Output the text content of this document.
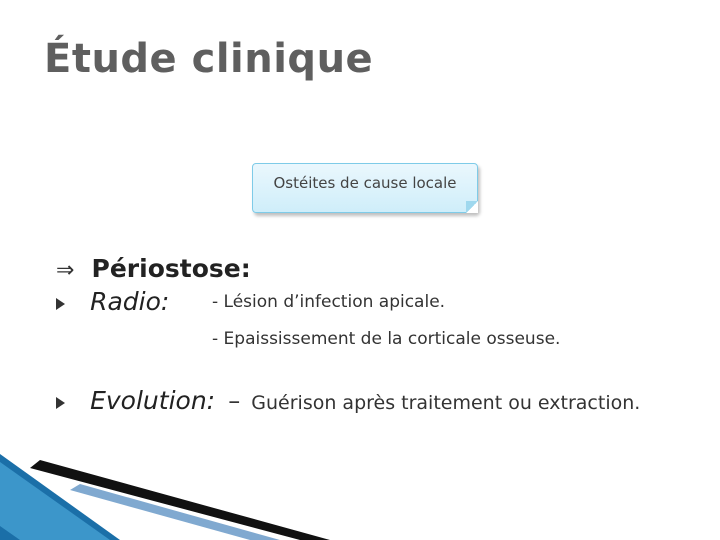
Étude clinique
Ostéites de cause locale
⇒ Périostose:
Radio:	- Lésion d’infection apicale.
- Epaississement de la corticale osseuse.
Evolution: – Guérison après traitement ou extraction.
